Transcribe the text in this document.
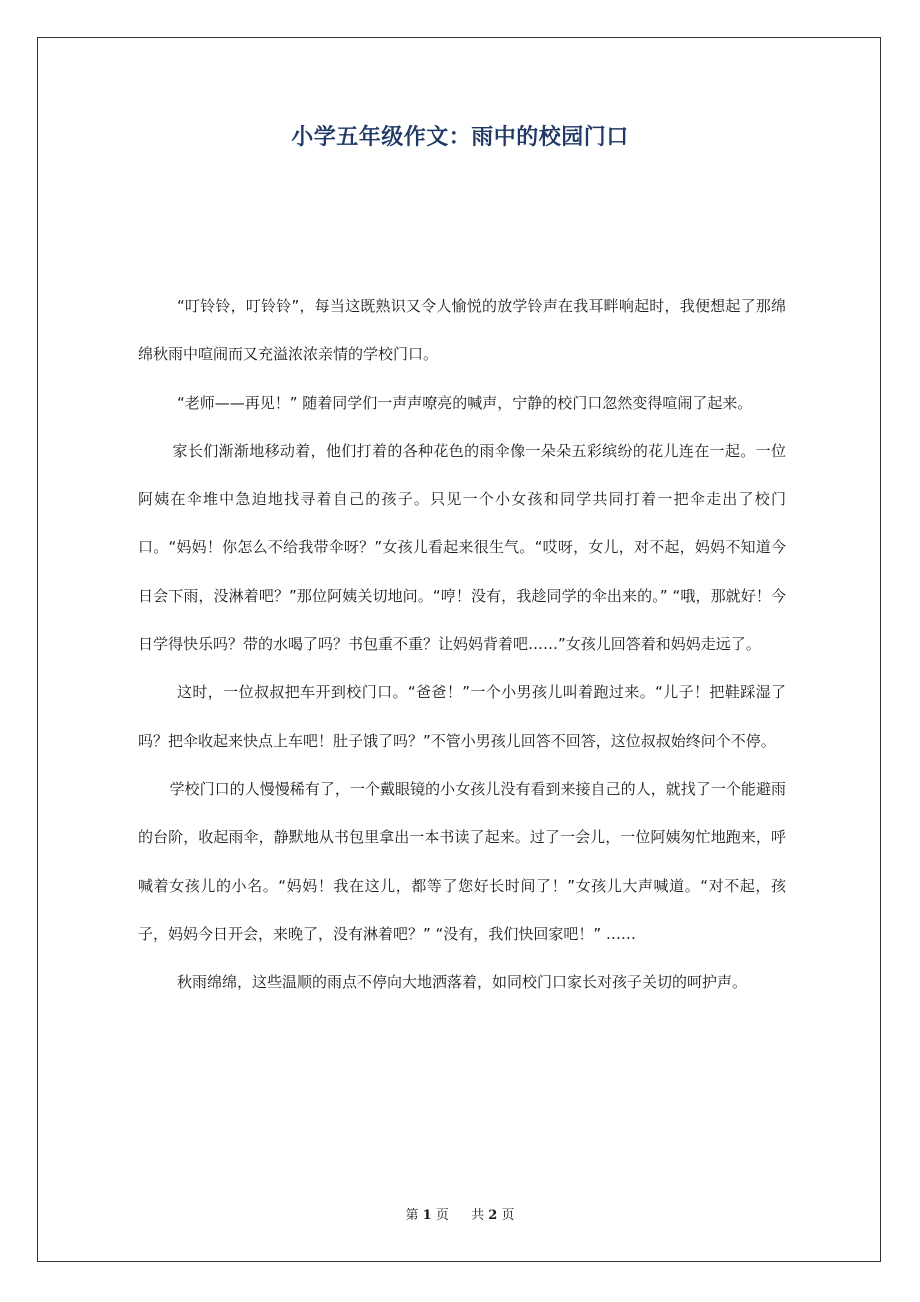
小学五年级作文：雨中的校园门口

“叮铃铃，叮铃铃”，每当这既熟识又令人愉悦的放学铃声在我耳畔响起时，我便想起了那绵绵秋雨中喧闹而又充溢浓浓亲情的学校门口。

“老师——再见！” 随着同学们一声声嘹亮的喊声，宁静的校门口忽然变得喧闹了起来。

家长们渐渐地移动着，他们打着的各种花色的雨伞像一朵朵五彩缤纷的花儿连在一起。一位阿姨在伞堆中急迫地找寻着自己的孩子。只见一个小女孩和同学共同打着一把伞走出了校门口。“妈妈！你怎么不给我带伞呀？”女孩儿看起来很生气。“哎呀，女儿，对不起，妈妈不知道今日会下雨，没淋着吧？”那位阿姨关切地问。“哼！没有，我趁同学的伞出来的。” “哦，那就好！今日学得快乐吗？带的水喝了吗？书包重不重？让妈妈背着吧……”女孩儿回答着和妈妈走远了。

这时，一位叔叔把车开到校门口。“爸爸！”一个小男孩儿叫着跑过来。“儿子！把鞋踩湿了吗？把伞收起来快点上车吧！肚子饿了吗？”不管小男孩儿回答不回答，这位叔叔始终问个不停。

学校门口的人慢慢稀有了，一个戴眼镜的小女孩儿没有看到来接自己的人，就找了一个能避雨的台阶，收起雨伞，静默地从书包里拿出一本书读了起来。过了一会儿，一位阿姨匆忙地跑来，呼喊着女孩儿的小名。“妈妈！我在这儿，都等了您好长时间了！”女孩儿大声喊道。“对不起，孩子，妈妈今日开会，来晚了，没有淋着吧？” “没有，我们快回家吧！” ……

秋雨绵绵，这些温顺的雨点不停向大地洒落着，如同校门口家长对孩子关切的呵护声。

第 1 页 共 2 页
